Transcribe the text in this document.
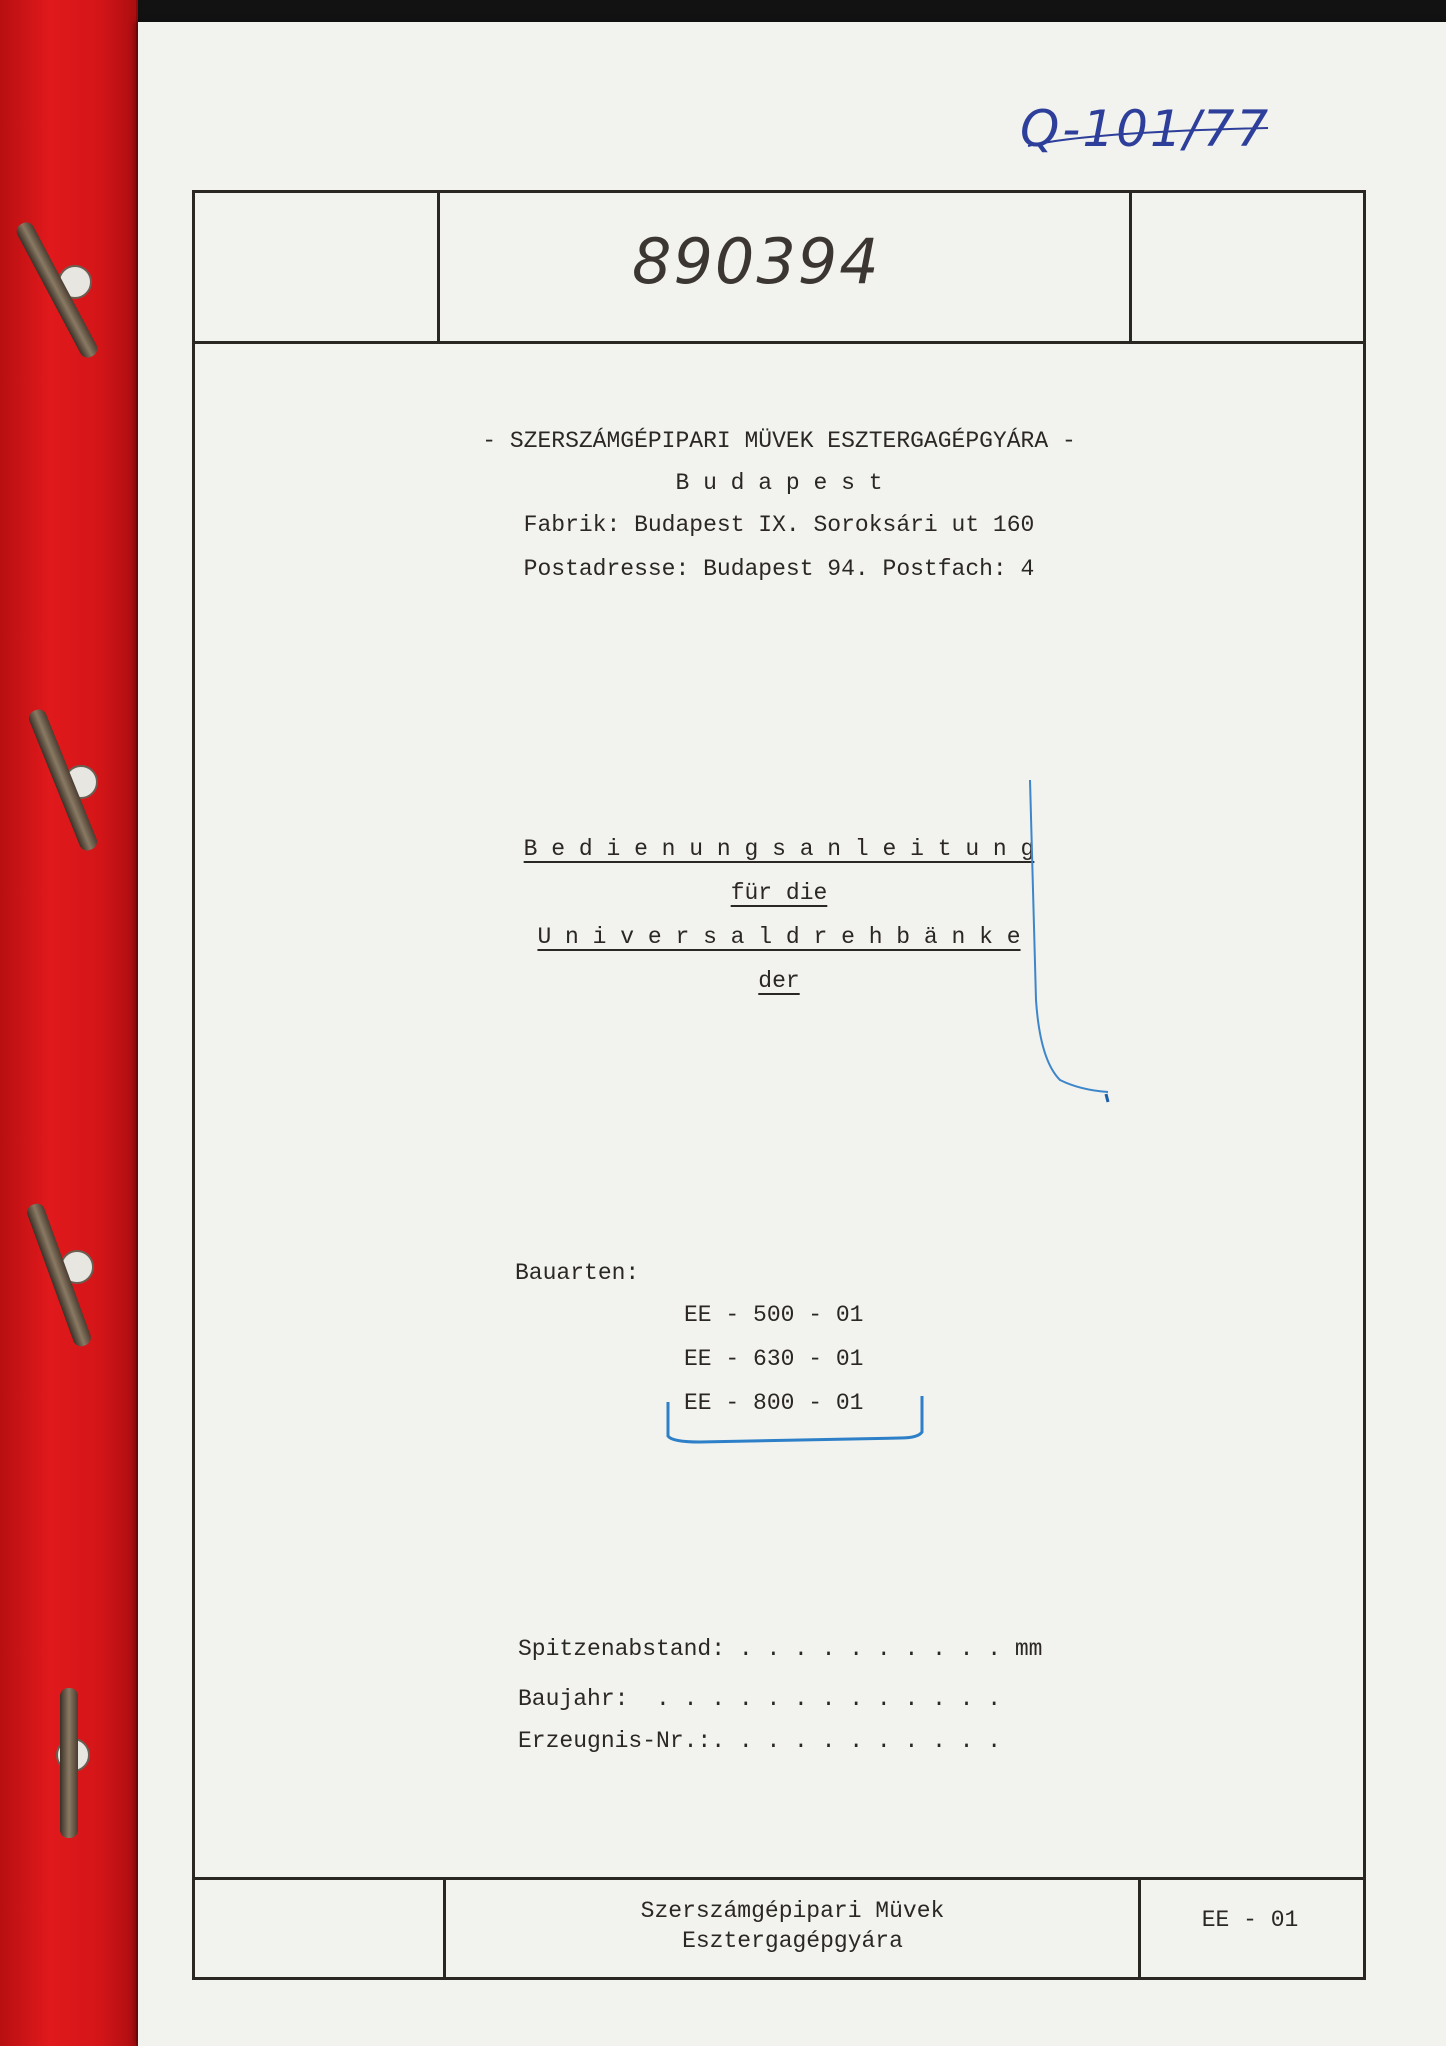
Q-101/77
890394
- SZERSZÁMGÉPIPARI MÜVEK ESZTERGAGÉPGYÁRA -
B u d a p e s t
Fabrik: Budapest IX. Soroksári ut 160
Postadresse: Budapest 94. Postfach: 4
B e d i e n u n g s a n l e i t u n g
für die
U n i v e r s a l d r e h b ä n k e
der
Bauarten:
EE - 500 - 01
EE - 630 - 01
EE - 800 - 01
Spitzenabstand: . . . . . . . . . . mm
Baujahr:  . . . . . . . . . . . . .
Erzeugnis-Nr.:. . . . . . . . . . .
Szerszámgépipari Müvek
Esztergagépgyára
EE - 01
